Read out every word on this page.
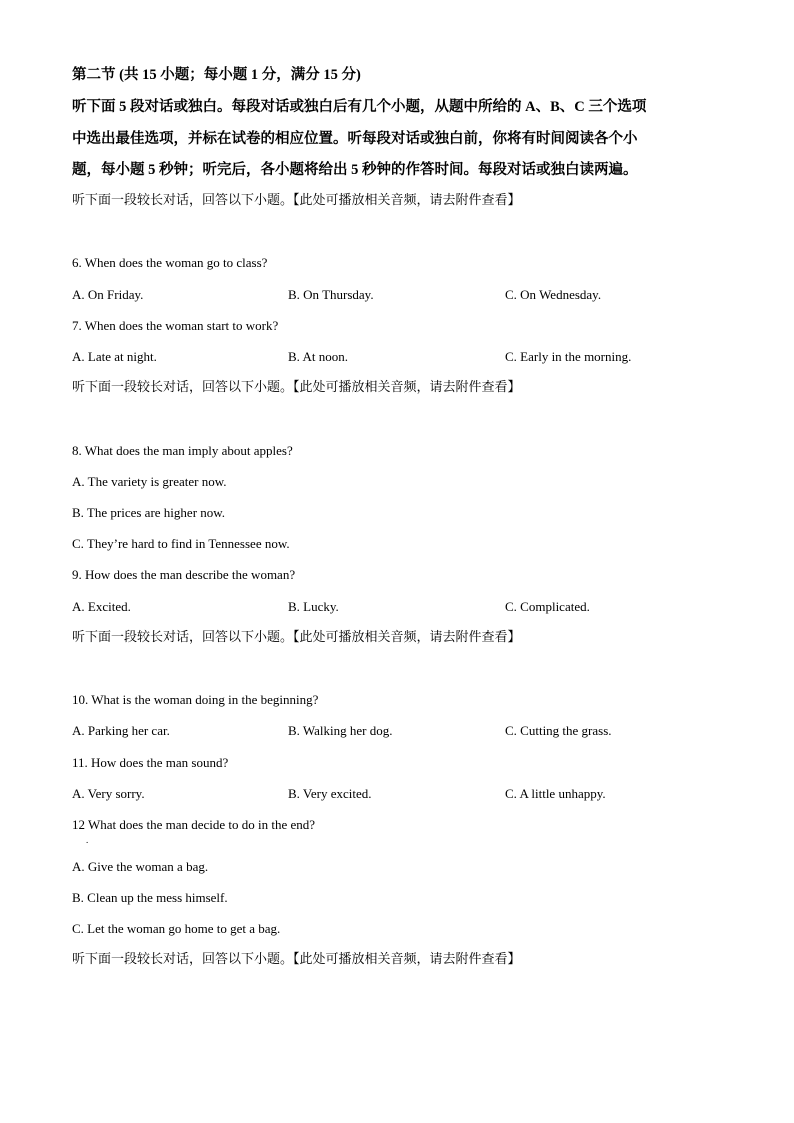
第二节 (共 15 小题；每小题 1 分，满分 15 分)
听下面 5 段对话或独白。每段对话或独白后有几个小题，从题中所给的 A、B、C 三个选项
中选出最佳选项，并标在试卷的相应位置。听每段对话或独白前，你将有时间阅读各个小
题，每小题 5 秒钟；听完后，各小题将给出 5 秒钟的作答时间。每段对话或独白读两遍。
听下面一段较长对话，回答以下小题。【此处可播放相关音频，请去附件查看】
6. When does the woman go to class?
A. On Friday.	B. On Thursday.	C. On Wednesday.
7. When does the woman start to work?
A. Late at night.	B. At noon.	C. Early in the morning.
听下面一段较长对话，回答以下小题。【此处可播放相关音频，请去附件查看】
8. What does the man imply about apples?
A. The variety is greater now.
B. The prices are higher now.
C. They’re hard to find in Tennessee now.
9. How does the man describe the woman?
A. Excited.	B. Lucky.	C. Complicated.
听下面一段较长对话，回答以下小题。【此处可播放相关音频，请去附件查看】
10. What is the woman doing in the beginning?
A. Parking her car.	B. Walking her dog.	C. Cutting the grass.
11. How does the man sound?
A. Very sorry.	B. Very excited.	C. A little unhappy.
12 What does the man decide to do in the end?
.
A. Give the woman a bag.
B. Clean up the mess himself.
C. Let the woman go home to get a bag.
听下面一段较长对话，回答以下小题。【此处可播放相关音频，请去附件查看】
